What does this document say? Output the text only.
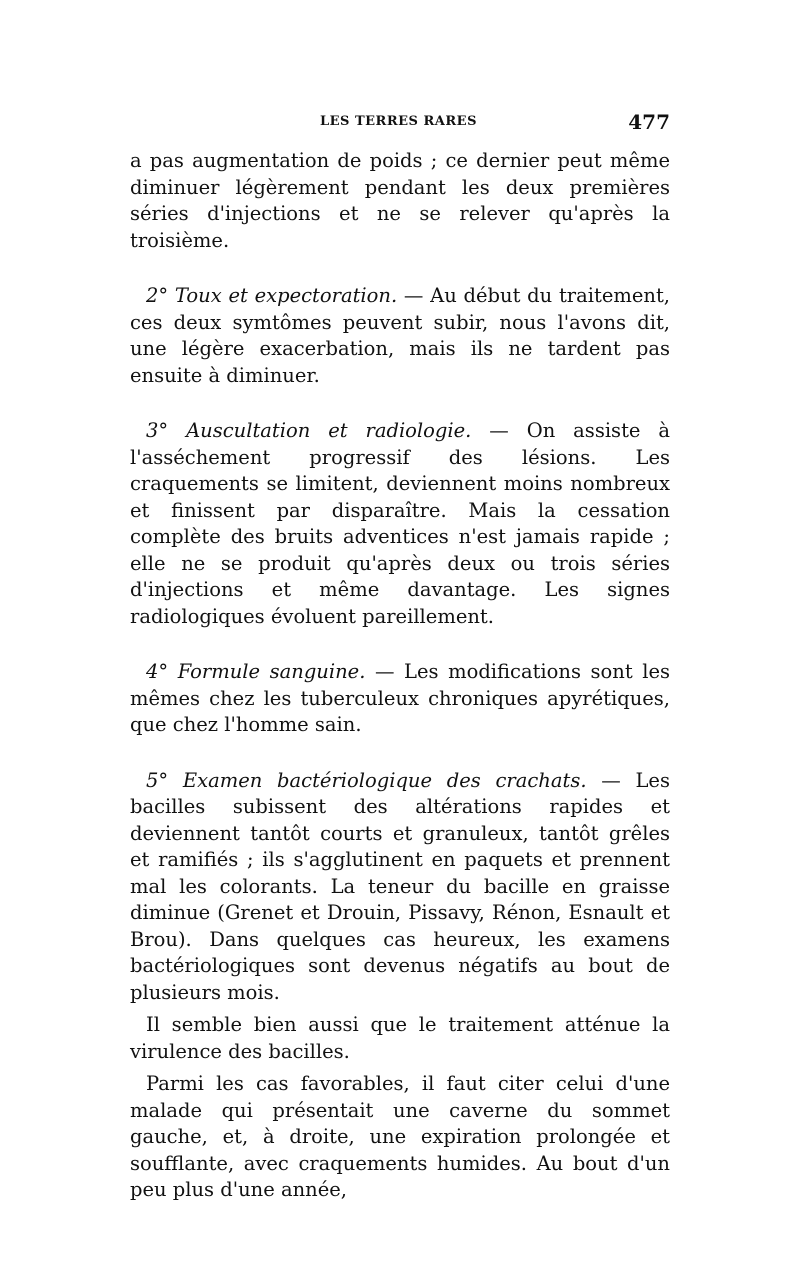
LES TERRES RARES	477

a pas augmentation de poids ; ce dernier peut même diminuer légèrement pendant les deux premières séries d'injections et ne se relever qu'après la troisième.

2° Toux et expectoration. — Au début du traitement, ces deux symtômes peuvent subir, nous l'avons dit, une légère exacerbation, mais ils ne tardent pas ensuite à diminuer.

3° Auscultation et radiologie. — On assiste à l'asséchement progressif des lésions. Les craquements se limitent, deviennent moins nombreux et finissent par disparaître. Mais la cessation complète des bruits adventices n'est jamais rapide ; elle ne se produit qu'après deux ou trois séries d'injections et même davantage. Les signes radiologiques évoluent pareillement.

4° Formule sanguine. — Les modifications sont les mêmes chez les tuberculeux chroniques apyrétiques, que chez l'homme sain.

5° Examen bactériologique des crachats. — Les bacilles subissent des altérations rapides et deviennent tantôt courts et granuleux, tantôt grêles et ramifiés ; ils s'agglutinent en paquets et prennent mal les colorants. La teneur du bacille en graisse diminue (Grenet et Drouin, Pissavy, Rénon, Esnault et Brou). Dans quelques cas heureux, les examens bactériologiques sont devenus négatifs au bout de plusieurs mois.

Il semble bien aussi que le traitement atténue la virulence des bacilles.

Parmi les cas favorables, il faut citer celui d'une malade qui présentait une caverne du sommet gauche, et, à droite, une expiration prolongée et soufflante, avec craquements humides. Au bout d'un peu plus d'une année,
